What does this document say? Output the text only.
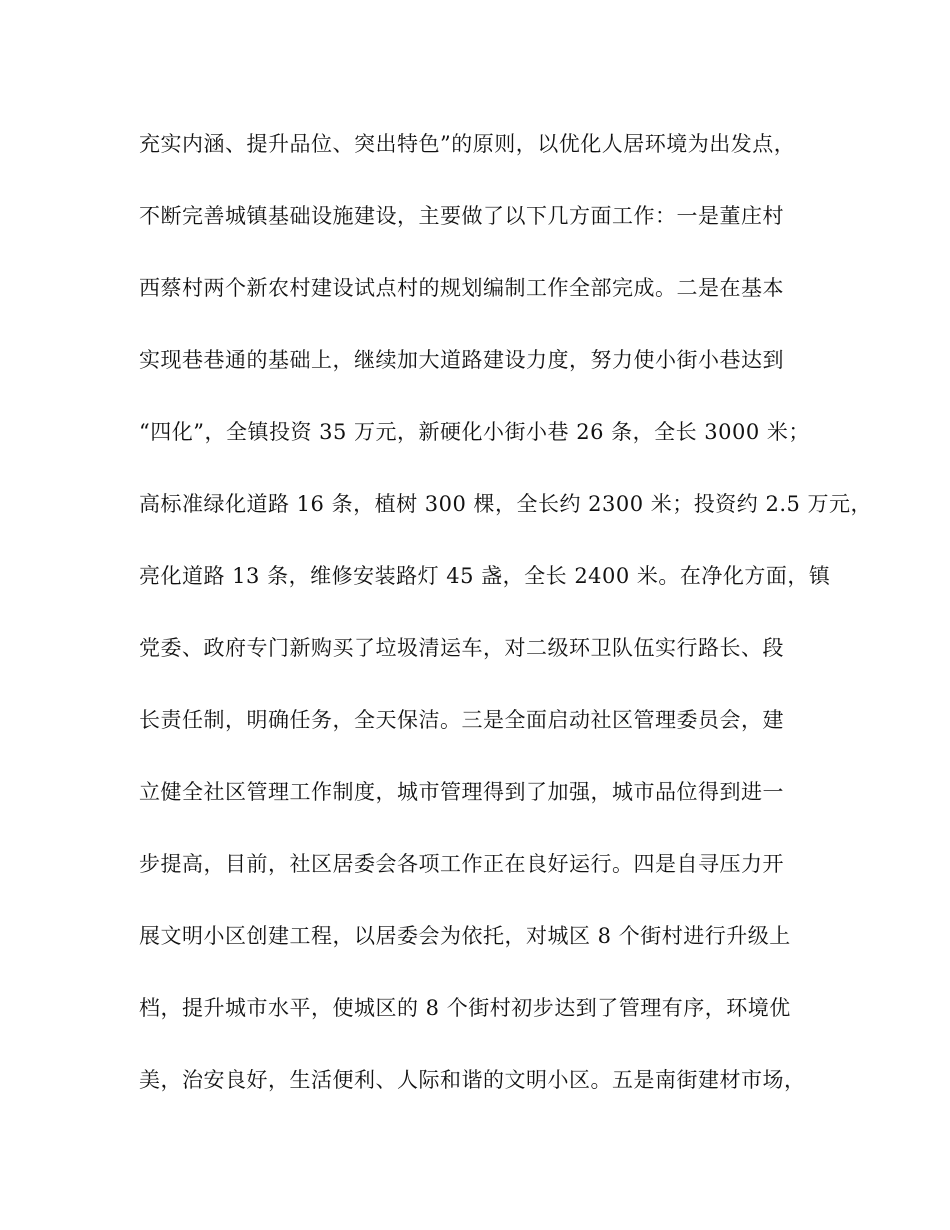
充实内涵、提升品位、突出特色”的原则，以优化人居环境为出发点，
不断完善城镇基础设施建设，主要做了以下几方面工作：一是董庄村
西蔡村两个新农村建设试点村的规划编制工作全部完成。二是在基本
实现巷巷通的基础上，继续加大道路建设力度，努力使小街小巷达到
“四化”，全镇投资 35 万元，新硬化小街小巷 26 条，全长 3000 米；
高标准绿化道路 16 条，植树 300 棵，全长约 2300 米；投资约 2.5 万元，
亮化道路 13 条，维修安装路灯 45 盏，全长 2400 米。在净化方面，镇
党委、政府专门新购买了垃圾清运车，对二级环卫队伍实行路长、段
长责任制，明确任务，全天保洁。三是全面启动社区管理委员会，建
立健全社区管理工作制度，城市管理得到了加强，城市品位得到进一
步提高，目前，社区居委会各项工作正在良好运行。四是自寻压力开
展文明小区创建工程，以居委会为依托，对城区 8 个街村进行升级上
档，提升城市水平，使城区的 8 个街村初步达到了管理有序，环境优
美，治安良好，生活便利、人际和谐的文明小区。五是南街建材市场，
